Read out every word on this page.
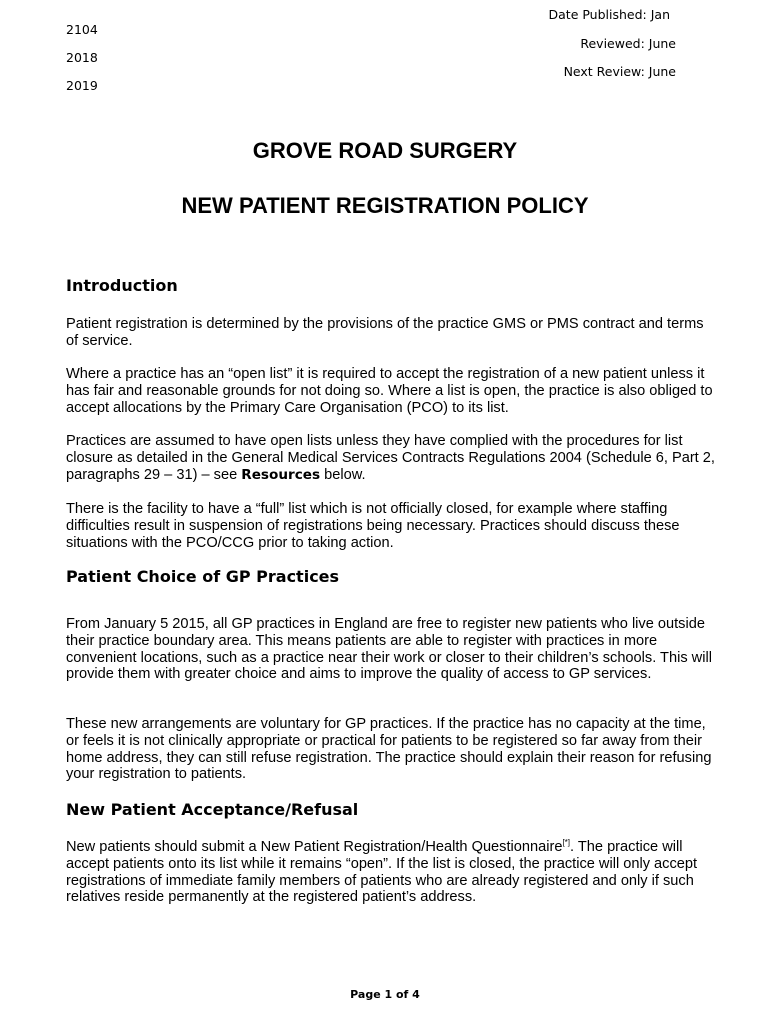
2104
2018
2019
Date Published: Jan
Reviewed: June
Next Review: June
GROVE ROAD SURGERY
NEW PATIENT REGISTRATION POLICY
Introduction
Patient registration is determined by the provisions of the practice GMS or PMS contract and terms of service.
Where a practice has an “open list” it is required to accept the registration of a new patient unless it has fair and reasonable grounds for not doing so. Where a list is open, the practice is also obliged to accept allocations by the Primary Care Organisation (PCO) to its list.
Practices are assumed to have open lists unless they have complied with the procedures for list closure as detailed in the General Medical Services Contracts Regulations 2004 (Schedule 6, Part 2, paragraphs 29 – 31) – see Resources below.
There is the facility to have a “full” list which is not officially closed, for example where staffing difficulties result in suspension of registrations being necessary. Practices should discuss these situations with the PCO/CCG prior to taking action.
Patient Choice of GP Practices
From January 5 2015, all GP practices in England are free to register new patients who live outside their practice boundary area. This means patients are able to register with practices in more convenient locations, such as a practice near their work or closer to their children’s schools. This will provide them with greater choice and aims to improve the quality of access to GP services.
These new arrangements are voluntary for GP practices. If the practice has no capacity at the time, or feels it is not clinically appropriate or practical for patients to be registered so far away from their home address, they can still refuse registration. The practice should explain their reason for refusing your registration to patients.
New Patient Acceptance/Refusal
New patients should submit a New Patient Registration/Health Questionnaire[*]. The practice will accept patients onto its list while it remains “open”. If the list is closed, the practice will only accept registrations of immediate family members of patients who are already registered and only if such relatives reside permanently at the registered patient’s address.
Page 1 of 4
